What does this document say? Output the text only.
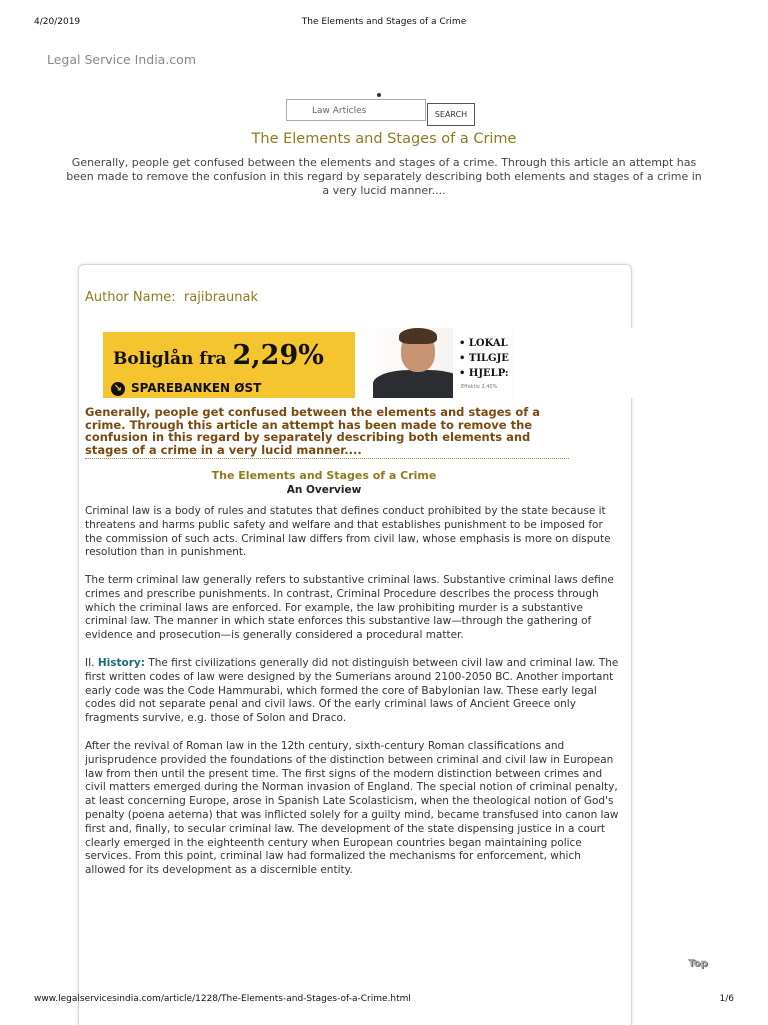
4/20/2019	The Elements and Stages of a Crime
Legal Service India.com
Law Articles	SEARCH
The Elements and Stages of a Crime
Generally, people get confused between the elements and stages of a crime. Through this article an attempt has been made to remove the confusion in this regard by separately describing both elements and stages of a crime in a very lucid manner....
Author Name: rajibraunak
Boliglån fra 2,29%
↘ SPAREBANKEN ØST
• LOKAL
• TILGJE
• HJELP:
Effektiv 2,40%
Generally, people get confused between the elements and stages of a crime. Through this article an attempt has been made to remove the confusion in this regard by separately describing both elements and stages of a crime in a very lucid manner....
The Elements and Stages of a Crime
An Overview
Criminal law is a body of rules and statutes that defines conduct prohibited by the state because it threatens and harms public safety and welfare and that establishes punishment to be imposed for the commission of such acts. Criminal law differs from civil law, whose emphasis is more on dispute resolution than in punishment.
The term criminal law generally refers to substantive criminal laws. Substantive criminal laws define crimes and prescribe punishments. In contrast, Criminal Procedure describes the process through which the criminal laws are enforced. For example, the law prohibiting murder is a substantive criminal law. The manner in which state enforces this substantive law—through the gathering of evidence and prosecution—is generally considered a procedural matter.
II. History: The first civilizations generally did not distinguish between civil law and criminal law. The first written codes of law were designed by the Sumerians around 2100-2050 BC. Another important early code was the Code Hammurabi, which formed the core of Babylonian law. These early legal codes did not separate penal and civil laws. Of the early criminal laws of Ancient Greece only fragments survive, e.g. those of Solon and Draco.
After the revival of Roman law in the 12th century, sixth-century Roman classifications and jurisprudence provided the foundations of the distinction between criminal and civil law in European law from then until the present time. The first signs of the modern distinction between crimes and civil matters emerged during the Norman invasion of England. The special notion of criminal penalty, at least concerning Europe, arose in Spanish Late Scolasticism, when the theological notion of God's penalty (poena aeterna) that was inflicted solely for a guilty mind, became transfused into canon law first and, finally, to secular criminal law. The development of the state dispensing justice in a court clearly emerged in the eighteenth century when European countries began maintaining police services. From this point, criminal law had formalized the mechanisms for enforcement, which allowed for its development as a discernible entity.
Top
www.legalservicesindia.com/article/1228/The-Elements-and-Stages-of-a-Crime.html	1/6
